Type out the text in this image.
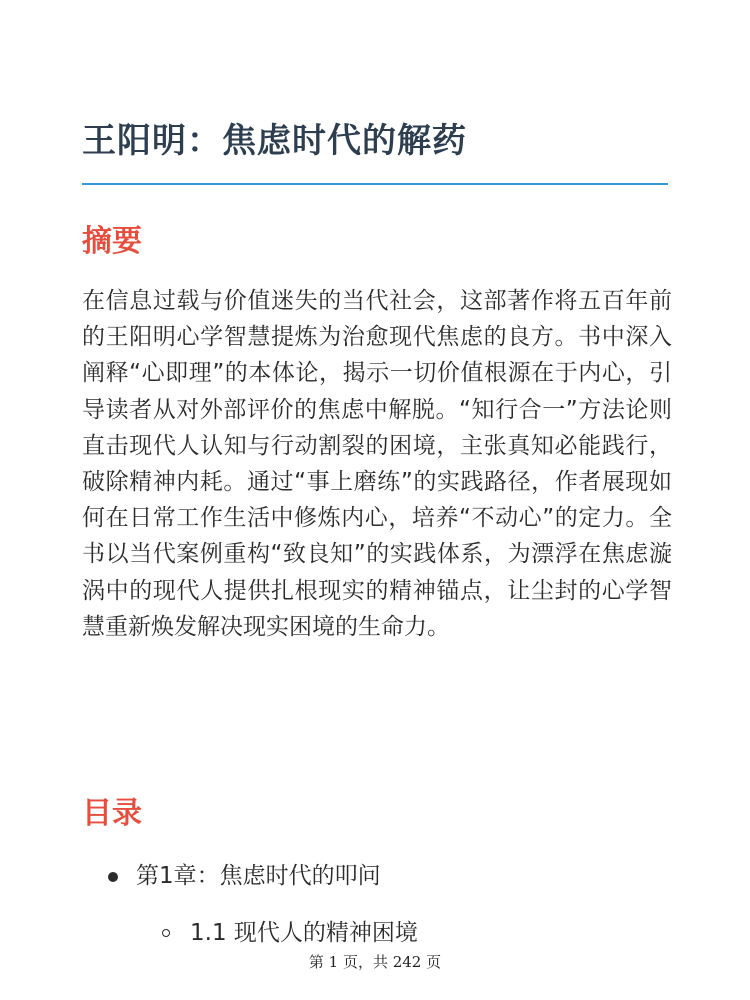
王阳明：焦虑时代的解药
摘要

在信息过载与价值迷失的当代社会，这部著作将五百年前的王阳明心学智慧提炼为治愈现代焦虑的良方。书中深入阐释“心即理”的本体论，揭示一切价值根源在于内心，引导读者从对外部评价的焦虑中解脱。“知行合一”方法论则直击现代人认知与行动割裂的困境，主张真知必能践行，破除精神内耗。通过“事上磨练”的实践路径，作者展现如何在日常工作生活中修炼内心，培养“不动心”的定力。全书以当代案例重构“致良知”的实践体系，为漂浮在焦虑漩涡中的现代人提供扎根现实的精神锚点，让尘封的心学智慧重新焕发解决现实困境的生命力。

目录
第1章：焦虑时代的叩问
1.1 现代人的精神困境
第 1 页，共 242 页
